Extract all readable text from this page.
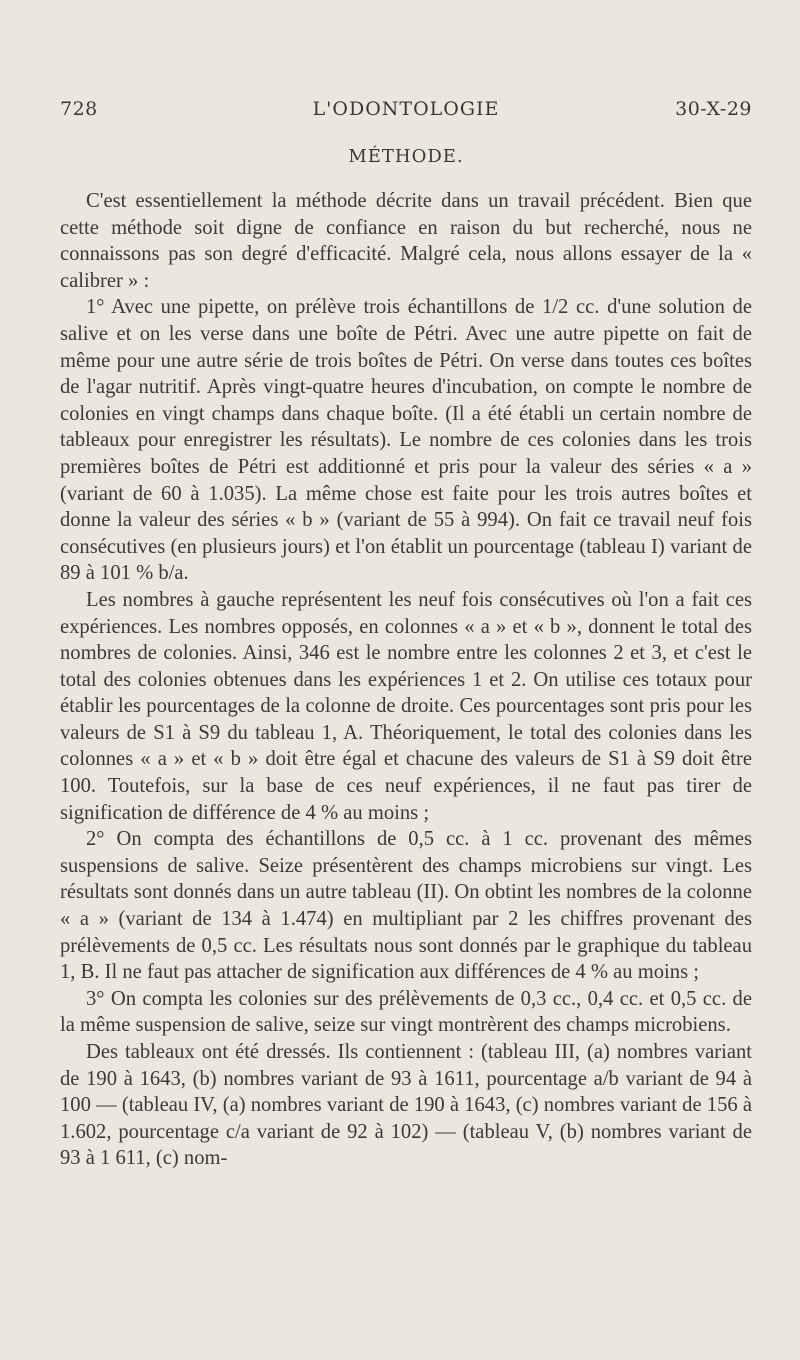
L'ODONTOLOGIE
728	30-X-29
MÉTHODE.

C'est essentiellement la méthode décrite dans un travail précédent. Bien que cette méthode soit digne de confiance en raison du but recherché, nous ne connaissons pas son degré d'efficacité. Malgré cela, nous allons essayer de la « calibrer » :

1° Avec une pipette, on prélève trois échantillons de 1/2 cc. d'une solution de salive et on les verse dans une boîte de Pétri. Avec une autre pipette on fait de même pour une autre série de trois boîtes de Pétri. On verse dans toutes ces boîtes de l'agar nutritif. Après vingt-quatre heures d'incubation, on compte le nombre de colonies en vingt champs dans chaque boîte. (Il a été établi un certain nombre de tableaux pour enregistrer les résultats). Le nombre de ces colonies dans les trois premières boîtes de Pétri est additionné et pris pour la valeur des séries « a » (variant de 60 à 1.035). La même chose est faite pour les trois autres boîtes et donne la valeur des séries « b » (variant de 55 à 994). On fait ce travail neuf fois consécutives (en plusieurs jours) et l'on établit un pourcentage (tableau I) variant de 89 à 101 % b/a.

Les nombres à gauche représentent les neuf fois consécutives où l'on a fait ces expériences. Les nombres opposés, en colonnes « a » et « b », donnent le total des nombres de colonies. Ainsi, 346 est le nombre entre les colonnes 2 et 3, et c'est le total des colonies obtenues dans les expériences 1 et 2. On utilise ces totaux pour établir les pourcentages de la colonne de droite. Ces pourcentages sont pris pour les valeurs de S1 à S9 du tableau 1, A. Théoriquement, le total des colonies dans les colonnes « a » et « b » doit être égal et chacune des valeurs de S1 à S9 doit être 100. Toutefois, sur la base de ces neuf expériences, il ne faut pas tirer de signification de différence de 4 % au moins ;

2° On compta des échantillons de 0,5 cc. à 1 cc. provenant des mêmes suspensions de salive. Seize présentèrent des champs microbiens sur vingt. Les résultats sont donnés dans un autre tableau (II). On obtint les nombres de la colonne « a » (variant de 134 à 1.474) en multipliant par 2 les chiffres provenant des prélèvements de 0,5 cc. Les résultats nous sont donnés par le graphique du tableau 1, B. Il ne faut pas attacher de signification aux différences de 4 % au moins ;

3° On compta les colonies sur des prélèvements de 0,3 cc., 0,4 cc. et 0,5 cc. de la même suspension de salive, seize sur vingt montrèrent des champs microbiens.

Des tableaux ont été dressés. Ils contiennent : (tableau III, (a) nombres variant de 190 à 1643, (b) nombres variant de 93 à 1611, pourcentage a/b variant de 94 à 100 — (tableau IV, (a) nombres variant de 190 à 1643, (c) nombres variant de 156 à 1.602, pourcentage c/a variant de 92 à 102) — (tableau V, (b) nombres variant de 93 à 1 611, (c) nom-
